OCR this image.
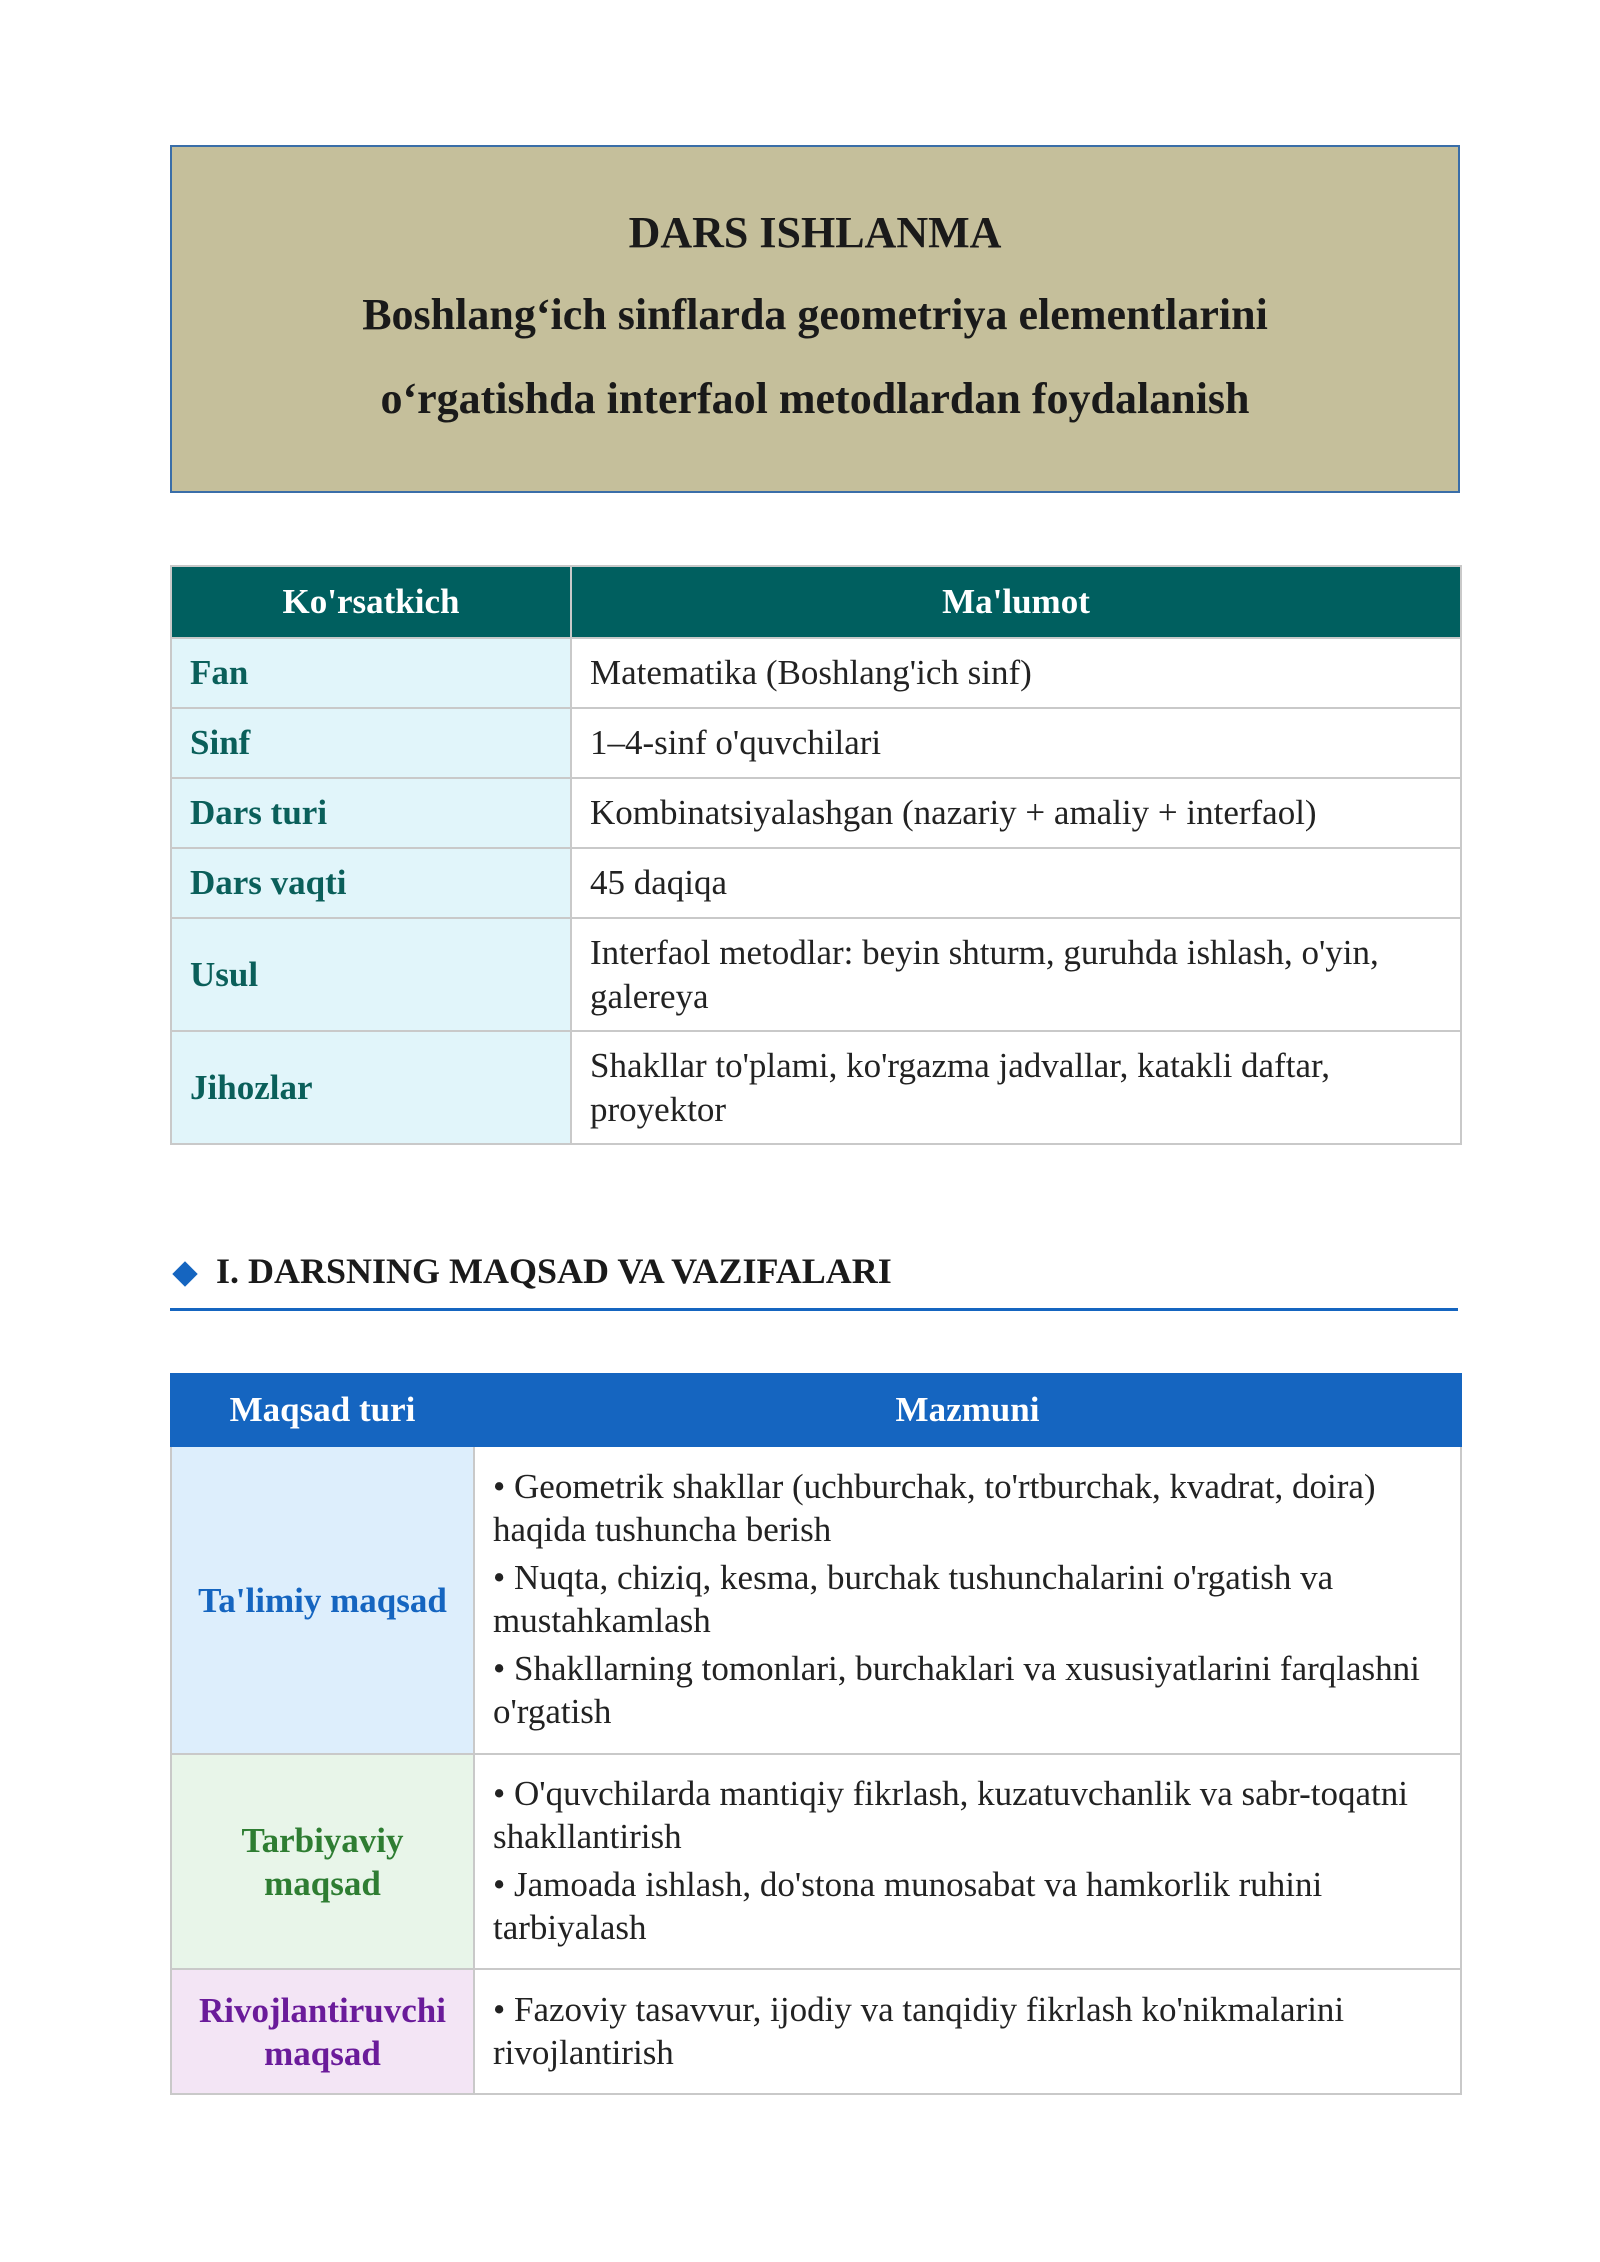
DARS ISHLANMA
Boshlang‘ich sinflarda geometriya elementlarini
o‘rgatishda interfaol metodlardan foydalanish
Ko'rsatkich	Ma'lumot
Fan	Matematika (Boshlang'ich sinf)
Sinf	1–4-sinf o'quvchilari
Dars turi	Kombinatsiyalashgan (nazariy + amaliy + interfaol)
Dars vaqti	45 daqiqa
Usul	Interfaol metodlar: beyin shturm, guruhda ishlash, o'yin, galereya
Jihozlar	Shakllar to'plami, ko'rgazma jadvallar, katakli daftar, proyektor
I. DARSNING MAQSAD VA VAZIFALARI
Maqsad turi	Mazmuni
Ta'limiy maqsad	• Geometrik shakllar (uchburchak, to'rtburchak, kvadrat, doira) haqida tushuncha berish

• Nuqta, chiziq, kesma, burchak tushunchalarini o'rgatish va mustahkamlash

• Shakllarning tomonlari, burchaklari va xususiyatlarini farqlashni o'rgatish

Tarbiyaviy maqsad	• O'quvchilarda mantiqiy fikrlash, kuzatuvchanlik va sabr-toqatni shakllantirish

• Jamoada ishlash, do'stona munosabat va hamkorlik ruhini tarbiyalash

Rivojlantiruvchi maqsad	• Fazoviy tasavvur, ijodiy va tanqidiy fikrlash ko'nikmalarini rivojlantirish
